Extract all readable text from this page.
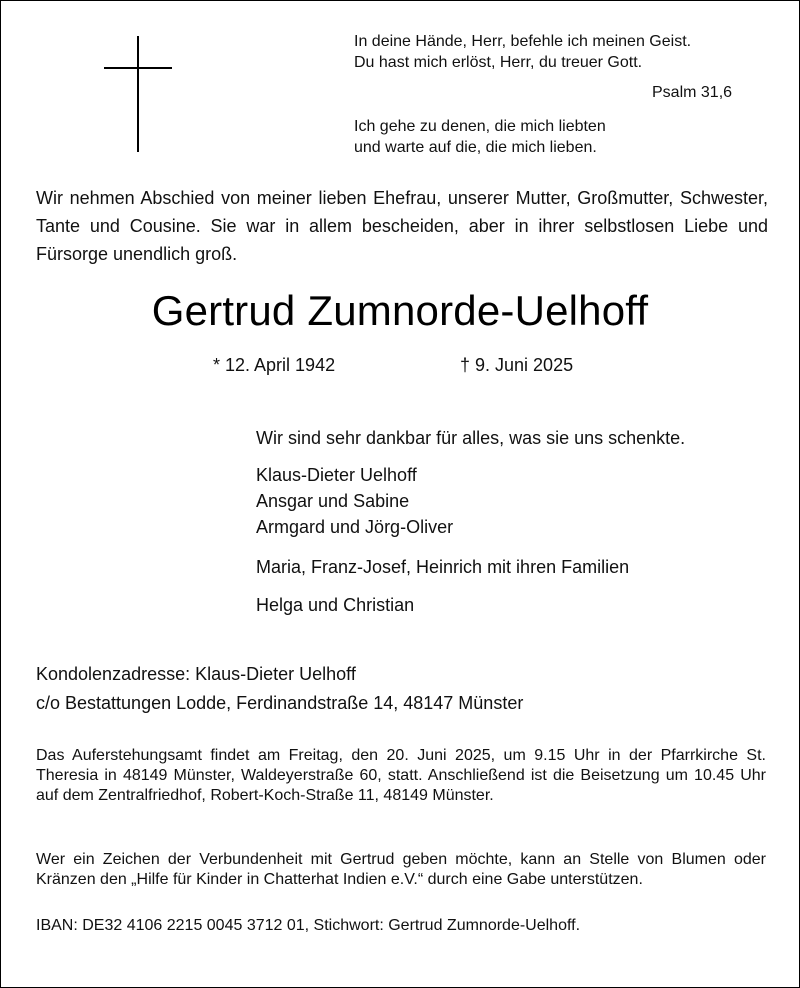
In deine Hände, Herr, befehle ich meinen Geist.
Du hast mich erlöst, Herr, du treuer Gott.
Psalm 31,6
Ich gehe zu denen, die mich liebten
und warte auf die, die mich lieben.
Wir nehmen Abschied von meiner lieben Ehefrau, unserer Mutter, Großmutter, Schwester, Tante und Cousine. Sie war in allem bescheiden, aber in ihrer selbstlosen Liebe und Fürsorge unendlich groß.
Gertrud Zumnorde-Uelhoff
* 12. April 1942	† 9. Juni 2025
Wir sind sehr dankbar für alles, was sie uns schenkte.
Klaus-Dieter Uelhoff
Ansgar und Sabine
Armgard und Jörg-Oliver
Maria, Franz-Josef, Heinrich mit ihren Familien
Helga und Christian
Kondolenzadresse: Klaus-Dieter Uelhoff
c/o Bestattungen Lodde, Ferdinandstraße 14, 48147 Münster
Das Auferstehungsamt findet am Freitag, den 20. Juni 2025, um 9.15 Uhr in der Pfarrkirche St. Theresia in 48149 Münster, Waldeyerstraße 60, statt. Anschließend ist die Beisetzung um 10.45 Uhr auf dem Zentralfriedhof, Robert-Koch-Straße 11, 48149 Münster.
Wer ein Zeichen der Verbundenheit mit Gertrud geben möchte, kann an Stelle von Blumen oder Kränzen den „Hilfe für Kinder in Chatterhat Indien e.V.“ durch eine Gabe unterstützen.
IBAN: DE32 4106 2215 0045 3712 01, Stichwort: Gertrud Zumnorde-Uelhoff.
